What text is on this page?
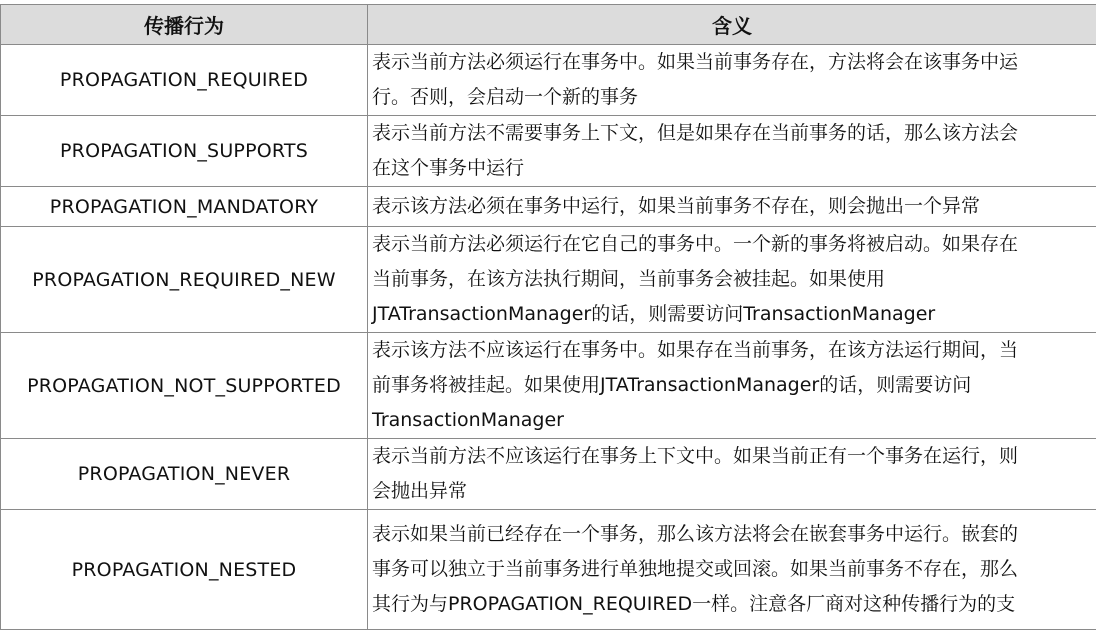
传播行为	含义
PROPAGATION_REQUIRED	表示当前方法必须运行在事务中。如果当前事务存在，方法将会在该事务中运
行。否则，会启动一个新的事务

PROPAGATION_SUPPORTS	表示当前方法不需要事务上下文，但是如果存在当前事务的话，那么该方法会
在这个事务中运行

PROPAGATION_MANDATORY	表示该方法必须在事务中运行，如果当前事务不存在，则会抛出一个异常

PROPAGATION_REQUIRED_NEW	表示当前方法必须运行在它自己的事务中。一个新的事务将被启动。如果存在
当前事务，在该方法执行期间，当前事务会被挂起。如果使用
JTATransactionManager的话，则需要访问TransactionManager

PROPAGATION_NOT_SUPPORTED	表示该方法不应该运行在事务中。如果存在当前事务，在该方法运行期间，当
前事务将被挂起。如果使用JTATransactionManager的话，则需要访问
TransactionManager

PROPAGATION_NEVER	表示当前方法不应该运行在事务上下文中。如果当前正有一个事务在运行，则
会抛出异常

PROPAGATION_NESTED	表示如果当前已经存在一个事务，那么该方法将会在嵌套事务中运行。嵌套的
事务可以独立于当前事务进行单独地提交或回滚。如果当前事务不存在，那么
其行为与PROPAGATION_REQUIRED一样。注意各厂商对这种传播行为的支
